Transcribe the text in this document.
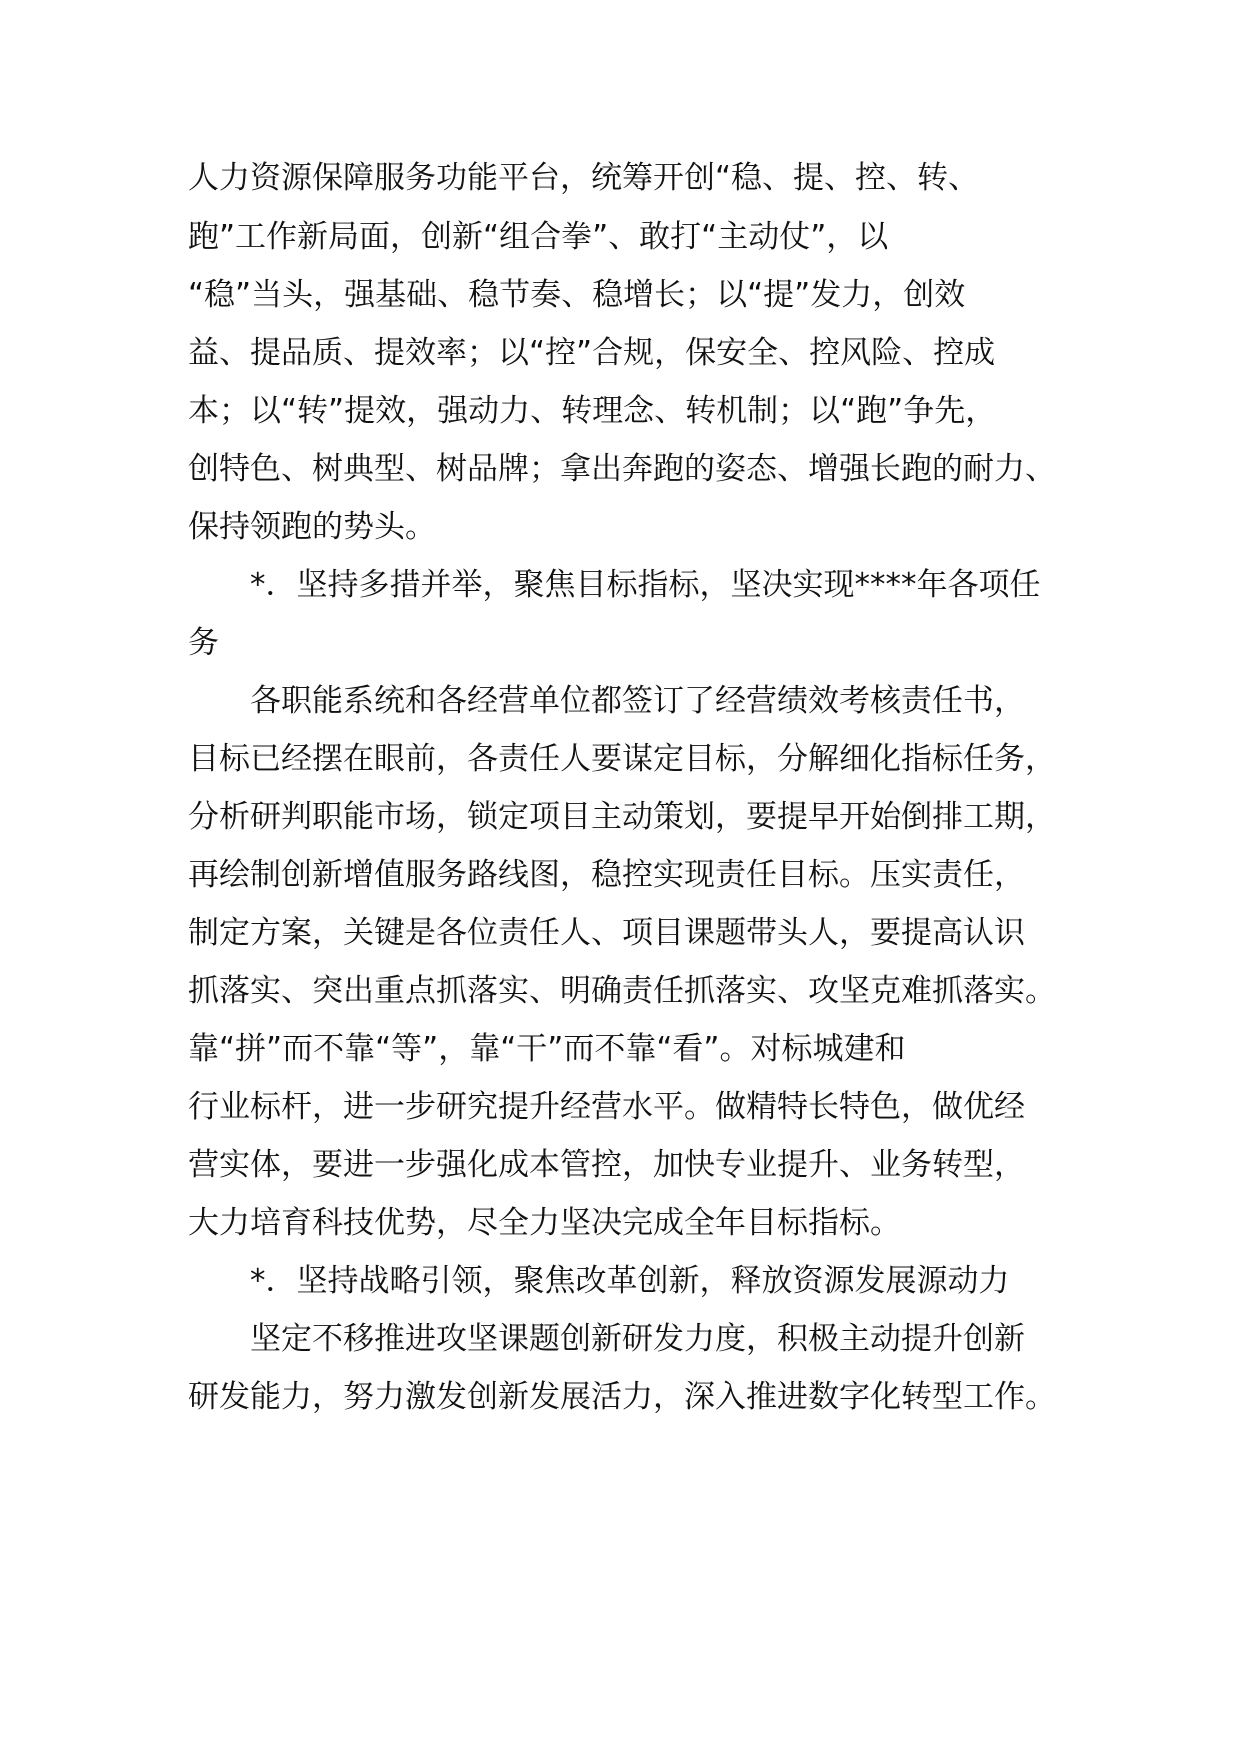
人力资源保障服务功能平台，统筹开创“稳、提、控、转、
跑”工作新局面，创新“组合拳”、敢打“主动仗”，以
“稳”当头，强基础、稳节奏、稳增长；以“提”发力，创效
益、提品质、提效率；以“控”合规，保安全、控风险、控成
本；以“转”提效，强动力、转理念、转机制；以“跑”争先，
创特色、树典型、树品牌；拿出奔跑的姿态、增强长跑的耐力、
保持领跑的势头。
*．坚持多措并举，聚焦目标指标，坚决实现****年各项任
务
各职能系统和各经营单位都签订了经营绩效考核责任书，
目标已经摆在眼前，各责任人要谋定目标，分解细化指标任务，
分析研判职能市场，锁定项目主动策划，要提早开始倒排工期，
再绘制创新增值服务路线图，稳控实现责任目标。压实责任，
制定方案，关键是各位责任人、项目课题带头人，要提高认识
抓落实、突出重点抓落实、明确责任抓落实、攻坚克难抓落实。
靠“拼”而不靠“等”，靠“干”而不靠“看”。对标城建和
行业标杆，进一步研究提升经营水平。做精特长特色，做优经
营实体，要进一步强化成本管控，加快专业提升、业务转型，
大力培育科技优势，尽全力坚决完成全年目标指标。
*．坚持战略引领，聚焦改革创新，释放资源发展源动力
坚定不移推进攻坚课题创新研发力度，积极主动提升创新
研发能力，努力激发创新发展活力，深入推进数字化转型工作。
